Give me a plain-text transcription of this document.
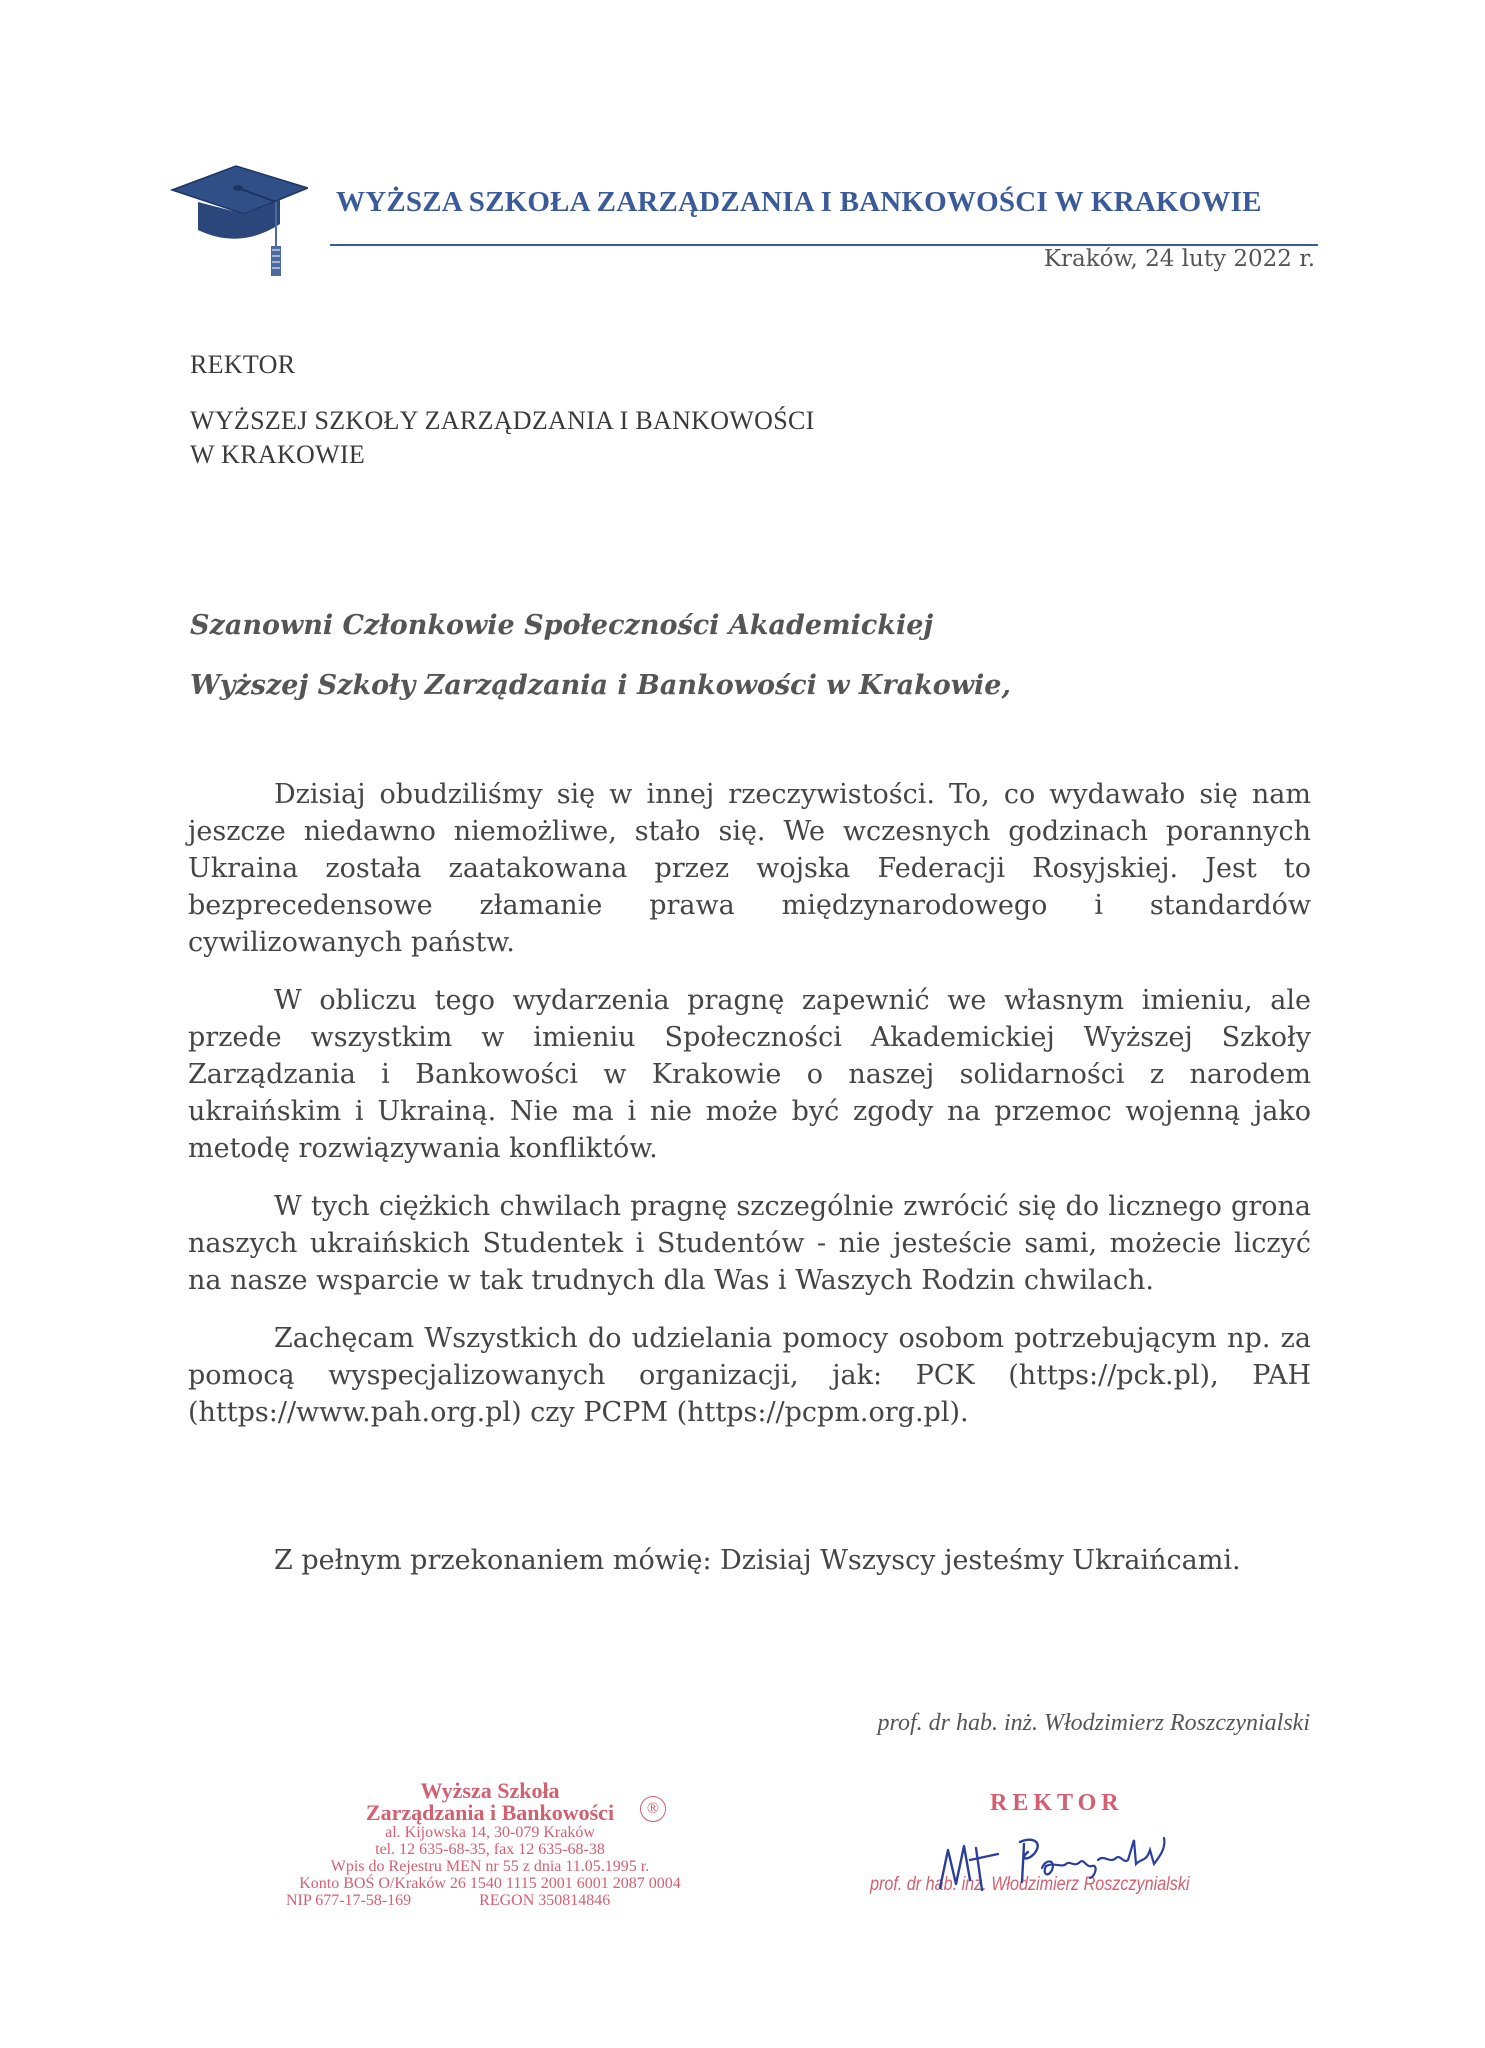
WYŻSZA SZKOŁA ZARZĄDZANIA I BANKOWOŚCI W KRAKOWIE
Kraków, 24 luty 2022 r.
REKTOR
WYŻSZEJ SZKOŁY ZARZĄDZANIA I BANKOWOŚCI
W KRAKOWIE
Szanowni Członkowie Społeczności Akademickiej
Wyższej Szkoły Zarządzania i Bankowości w Krakowie,

Dzisiaj obudziliśmy się w innej rzeczywistości. To, co wydawało się nam jeszcze niedawno niemożliwe, stało się. We wczesnych godzinach porannych Ukraina została zaatakowana przez wojska Federacji Rosyjskiej. Jest to bezprecedensowe złamanie prawa międzynarodowego i standardów cywilizowanych państw.

W obliczu tego wydarzenia pragnę zapewnić we własnym imieniu, ale przede wszystkim w imieniu Społeczności Akademickiej Wyższej Szkoły Zarządzania i Bankowości w Krakowie o naszej solidarności z narodem ukraińskim i Ukrainą. Nie ma i nie może być zgody na przemoc wojenną jako metodę rozwiązywania konfliktów.

W tych ciężkich chwilach pragnę szczególnie zwrócić się do licznego grona naszych ukraińskich Studentek i Studentów - nie jesteście sami, możecie liczyć na nasze wsparcie w tak trudnych dla Was i Waszych Rodzin chwilach.

Zachęcam Wszystkich do udzielania pomocy osobom potrzebującym np. za pomocą wyspecjalizowanych organizacji, jak: PCK (https://pck.pl), PAH (https://www.pah.org.pl) czy PCPM (https://pcpm.org.pl).

Z pełnym przekonaniem mówię: Dzisiaj Wszyscy jesteśmy Ukraińcami.
prof. dr hab. inż. Włodzimierz Roszczynialski
Wyższa Szkoła
Zarządzania i Bankowości	®
al. Kijowska 14, 30-079 Kraków
tel. 12 635-68-35, fax 12 635-68-38
Wpis do Rejestru MEN nr 55 z dnia 11.05.1995 r.
Konto BOŚ O/Kraków 26 1540 1115 2001 6001 2087 0004
NIP 677-17-58-169	REGON 350814846
REKTOR
prof. dr hab. inż. Włodzimierz Roszczynialski
